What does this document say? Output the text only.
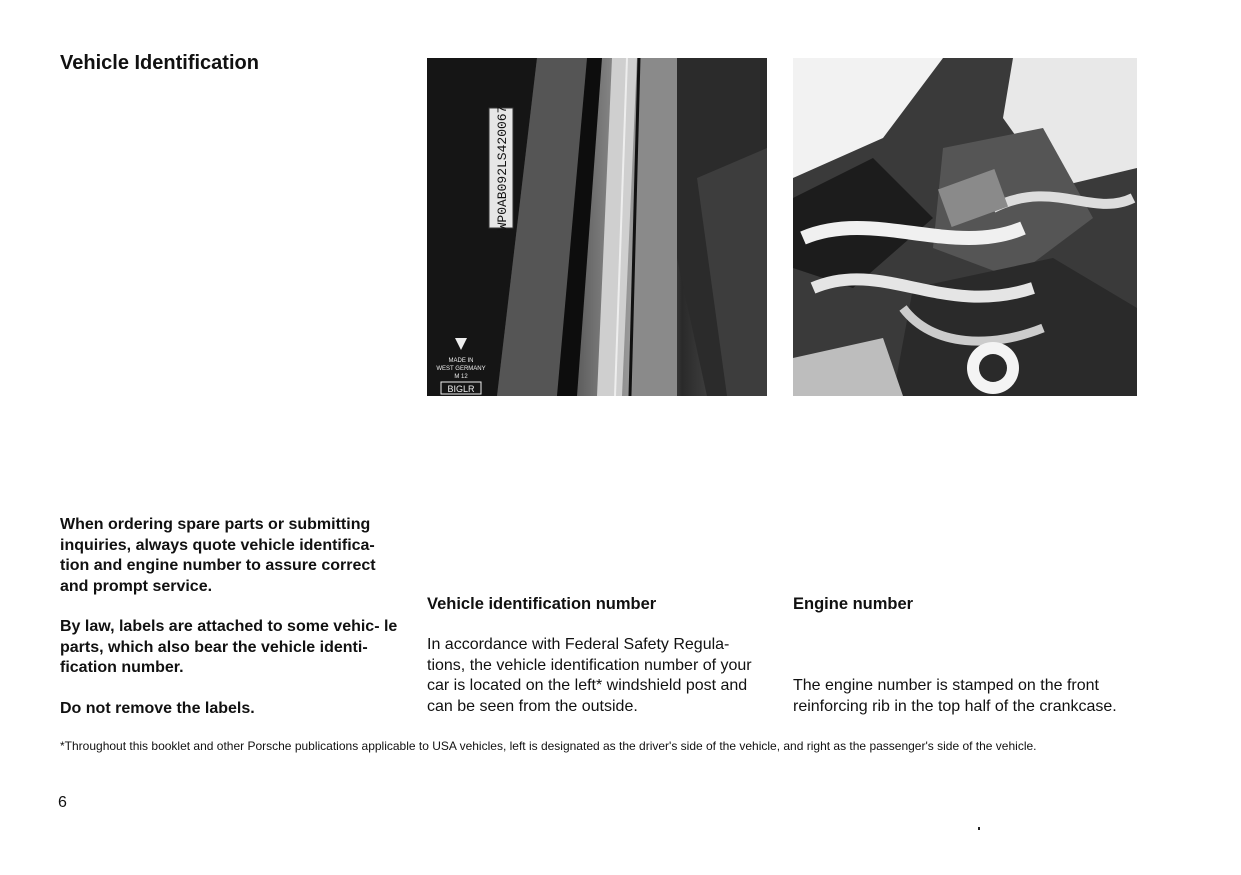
Vehicle Identification
WP0AB092LS420067
MADE IN
WEST GERMANY
M 12
BIGLR

When ordering spare parts or submitting inquiries, always quote vehicle identifica- tion and engine number to assure correct and prompt service.

By law, labels are attached to some vehic- le parts, which also bear the vehicle identi- fication number.

Do not remove the labels.

Vehicle identification number
In accordance with Federal Safety Regula- tions, the vehicle identification number of your car is located on the left* windshield post and can be seen from the outside.
Engine number
The engine number is stamped on the front reinforcing rib in the top half of the crankcase.
*Throughout this booklet and other Porsche publications applicable to USA vehicles, left is designated as the driver's side of the vehicle, and right as the passenger's side of the vehicle.
6
